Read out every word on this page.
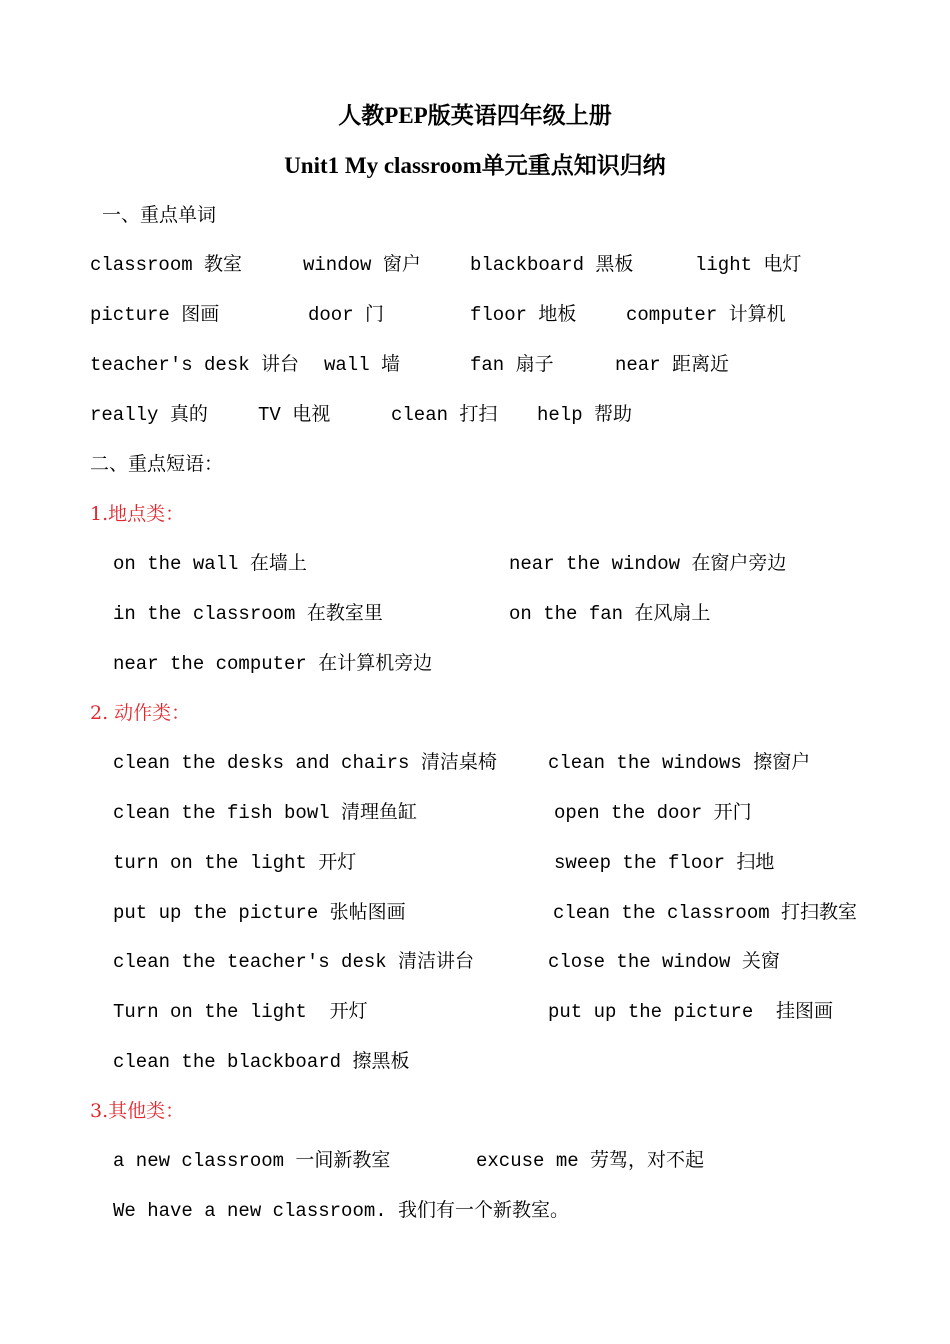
人教PEP版英语四年级上册
Unit1 My classroom单元重点知识归纳
一、重点单词
classroom 教室	window 窗户	blackboard 黑板	light 电灯
picture 图画	door 门	floor 地板	computer 计算机
teacher's desk 讲台 wall 墙	fan 扇子	near 距离近
really 真的	TV 电视	clean 打扫 help 帮助
二、重点短语：
1.地点类：
on the wall 在墙上	near the window 在窗户旁边
in the classroom 在教室里	on the fan 在风扇上
near the computer 在计算机旁边
2. 动作类：
clean the desks and chairs 清洁桌椅	clean the windows 擦窗户
clean the fish bowl 清理鱼缸	open the door 开门
turn on the light 开灯	sweep the floor 扫地
put up the picture 张帖图画	clean the classroom 打扫教室
clean the teacher's desk 清洁讲台	close the window 关窗
Turn on the light  开灯	put up the picture  挂图画
clean the blackboard 擦黑板
3.其他类：
a new classroom 一间新教室	excuse me 劳驾，对不起
We have a new classroom. 我们有一个新教室。
